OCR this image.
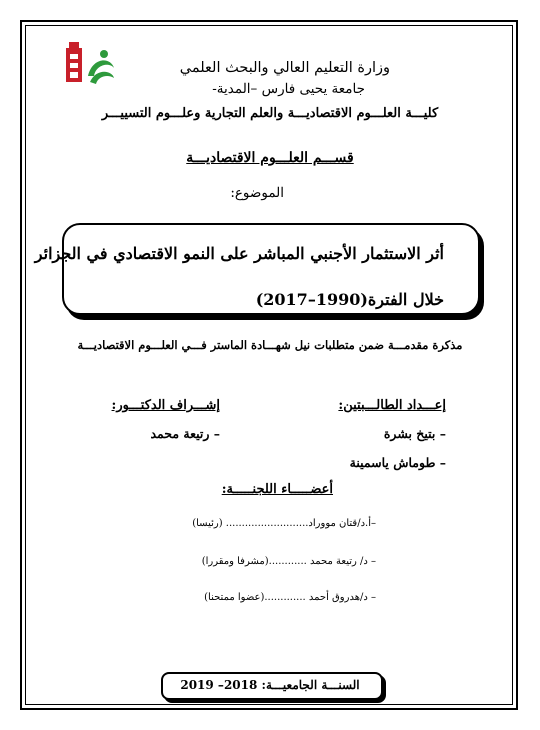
وزارة التعليم العالي والبحث العلمي
جامعة يحيى فارس –المدية-
كليـــة العلـــوم الاقتصاديـــة والعلم التجارية وعلـــوم التسييـــر
قســـم العلـــوم الاقتصاديـــة
الموضوع:
أثر الاستثمار الأجنبي المباشر على النمو الاقتصادي في الجزائر
خلال الفترة(1990–2017)
مذكرة مقدمـــة ضمن متطلبات نيل شهـــادة الماستر فـــي العلـــوم الاقتصاديـــة
إعـــداد الطالـــبتين:
– بتيخ بشرة
– طوماش ياسمينة
إشـــراف الدكتـــور:
– رتيعة محمد
أعضـــــاء اللجنـــــة:
–أ.د/قتان مووراد.......................... (رئيسا)
– د/ رتيعة محمد ............(مشرفا ومقررا)
– د/هدروق أحمد .............(عضوا ممتحنا)
السنـــة الجامعيـــة: 2018– 2019
